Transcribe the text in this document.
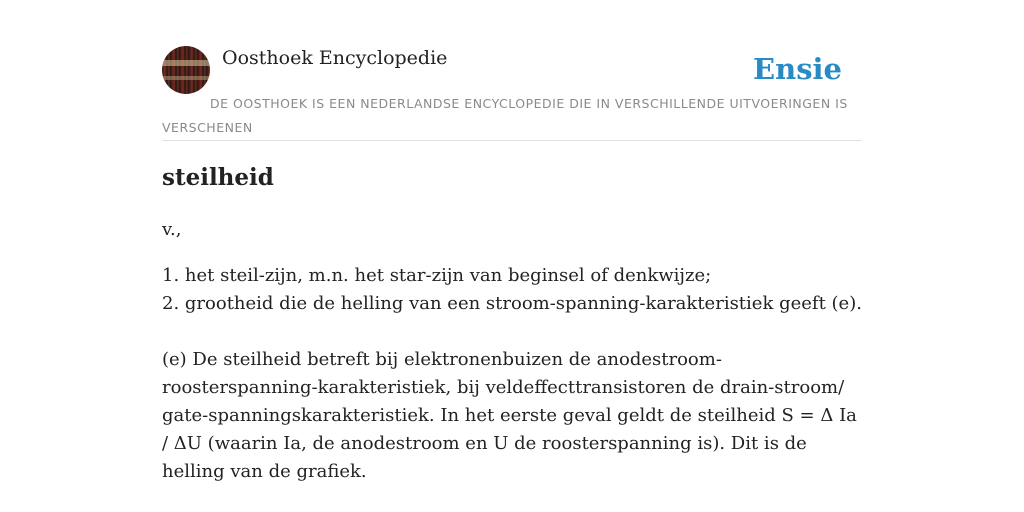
Oosthoek Encyclopedie	Ensie
DE OOSTHOEK IS EEN NEDERLANDSE ENCYCLOPEDIE DIE IN VERSCHILLENDE UITVOERINGEN IS VERSCHENEN
steilheid
v.,
1. het steil-zijn, m.n. het star-zijn van beginsel of denkwijze;
2. grootheid die de helling van een stroom-spanning-karakteristiek geeft (e).
(e) De steilheid betreft bij elektronenbuizen de anodestroom-roosterspanning-karakteristiek, bij veldeffecttransistoren de drain-stroom/ gate-spanningskarakteristiek. In het eerste geval geldt de steilheid S = Δ Ia / ΔU (waarin Ia, de anodestroom en U de roosterspanning is). Dit is de helling van de grafiek.
